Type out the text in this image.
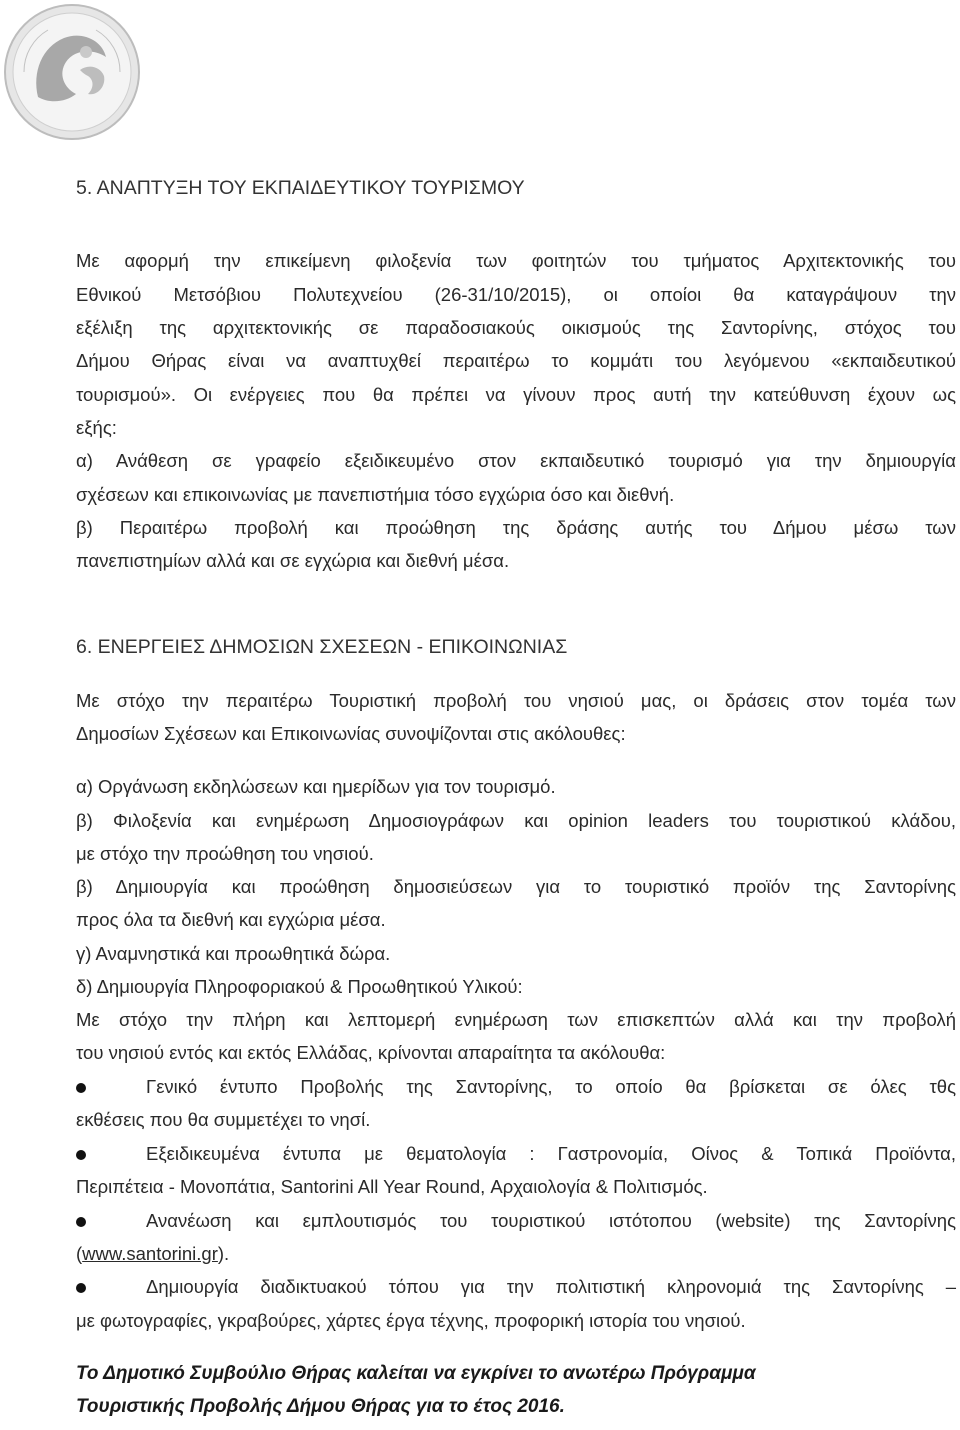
5. ΑΝΑΠΤΥΞΗ ΤΟΥ ΕΚΠΑΙΔΕΥΤΙΚΟΥ ΤΟΥΡΙΣΜΟΥ
Με αφορμή την επικείμενη φιλοξενία των φοιτητών του τμήματος Αρχιτεκτονικής του
Εθνικού Μετσόβιου Πολυτεχνείου (26-31/10/2015), οι οποίοι θα καταγράψουν την
εξέλιξη της αρχιτεκτονικής σε παραδοσιακούς οικισμούς της Σαντορίνης, στόχος του
Δήμου Θήρας είναι να αναπτυχθεί περαιτέρω το κομμάτι του λεγόμενου «εκπαιδευτικού
τουρισμού». Οι ενέργειες που θα πρέπει να γίνουν προς αυτή την κατεύθυνση έχουν ως
εξής:
α) Ανάθεση σε γραφείο εξειδικευμένο στον εκπαιδευτικό τουρισμό για την δημιουργία
σχέσεων και επικοινωνίας με πανεπιστήμια τόσο εγχώρια όσο και διεθνή.
β) Περαιτέρω προβολή και προώθηση της δράσης αυτής του Δήμου μέσω των
πανεπιστημίων αλλά και σε εγχώρια και διεθνή μέσα.
6. ΕΝΕΡΓΕΙΕΣ ΔΗΜΟΣΙΩΝ ΣΧΕΣΕΩΝ - ΕΠΙΚΟΙΝΩΝΙΑΣ
Με στόχο την περαιτέρω Τουριστική προβολή του νησιού μας, οι δράσεις στον τομέα των
Δημοσίων Σχέσεων και Επικοινωνίας συνοψίζονται στις ακόλουθες:
α) Οργάνωση εκδηλώσεων και ημερίδων για τον τουρισμό.
β) Φιλοξενία και ενημέρωση Δημοσιογράφων και opinion leaders του τουριστικού κλάδου,
με στόχο την προώθηση του νησιού.
β) Δημιουργία και προώθηση δημοσιεύσεων για το τουριστικό προϊόν της Σαντορίνης
προς όλα τα διεθνή και εγχώρια μέσα.
γ) Αναμνηστικά και προωθητικά δώρα.
δ) Δημιουργία Πληροφοριακού & Προωθητικού Υλικού:
Με στόχο την πλήρη και λεπτομερή ενημέρωση των επισκεπτών αλλά και την προβολή
του νησιού εντός και εκτός Ελλάδας, κρίνονται απαραίτητα τα ακόλουθα:
Γενικό έντυπο Προβολής της Σαντορίνης, το οποίο θα βρίσκεται σε όλες τθς
εκθέσεις που θα συμμετέχει το νησί.
Εξειδικευμένα έντυπα με θεματολογία : Γαστρονομία, Οίνος & Τοπικά Προϊόντα,
Περιπέτεια - Μονοπάτια, Santorini All Year Round, Αρχαιολογία & Πολιτισμός.
Ανανέωση και εμπλουτισμός του τουριστικού ιστότοπου (website) της Σαντορίνης
(www.santorini.gr).
Δημιουργία διαδικτυακού τόπου για την πολιτιστική κληρονομιά της Σαντορίνης –
με φωτογραφίες, γκραβούρες, χάρτες έργα τέχνης, προφορική ιστορία του νησιού.
Το Δημοτικό Συμβούλιο Θήρας καλείται να εγκρίνει το ανωτέρω Πρόγραμμα
Τουριστικής Προβολής Δήμου Θήρας για το έτος 2016.
